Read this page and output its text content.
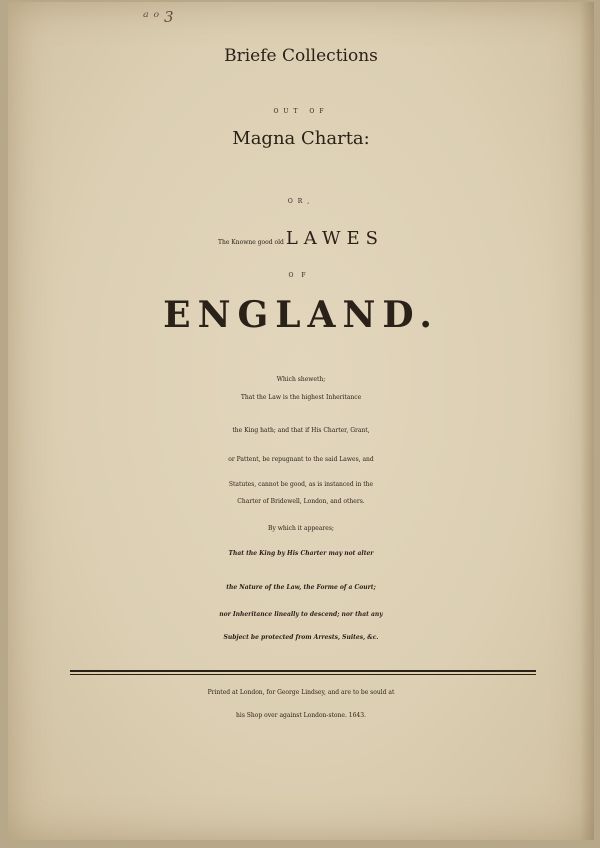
ᵃ ᵒ 3
Briefe Collections
OUT OF
Magna Charta:
OR,
The Knowne good old LAWES
OF
ENGLAND.
Which sheweth;
That the Law is the highest Inheritance
the King hath; and that if His Charter, Grant,
or Pattent, be repugnant to the said Lawes, and
Statutes, cannot be good, as is instanced in the
Charter of Bridewell, London, and others.
By which it appeares;
That the King by His Charter may not alter
the Nature of the Law, the Forme of a Court;
nor Inheritance lineally to descend; nor that any
Subject be protected from Arrests, Suites, &c.
Printed at London, for George Lindsey, and are to be sould at
his Shop over against London-stone. 1643.
